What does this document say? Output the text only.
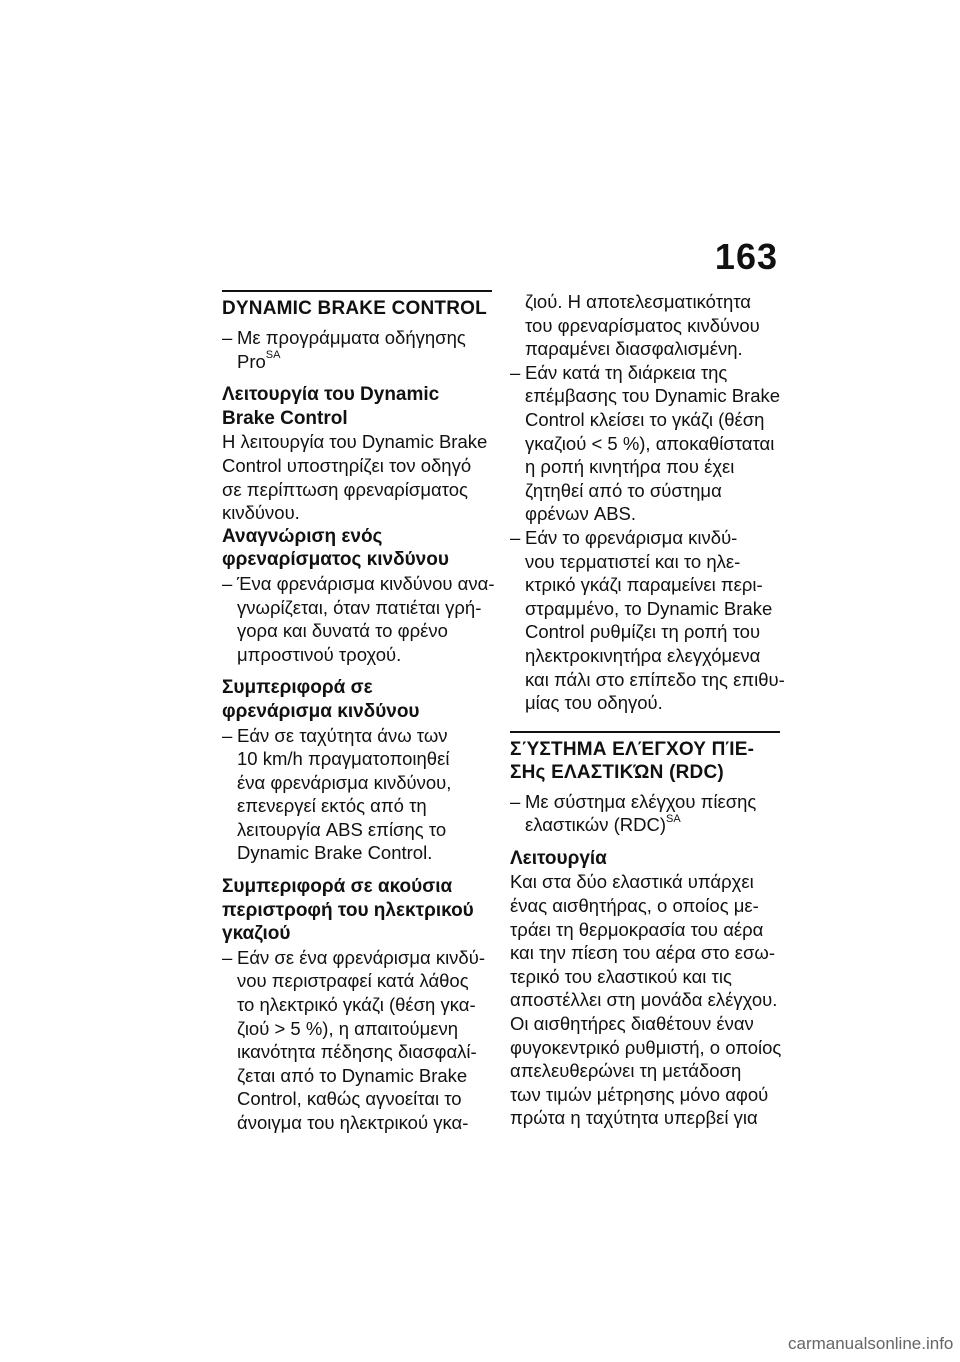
163
DYNAMIC BRAKE CONTROL
– Με προγράμματα οδήγησης
Pro$^{SA}$
Λειτουργία του Dynamic
Brake Control
Η λειτουργία του Dynamic Brake
Control υποστηρίζει τον οδηγό
σε περίπτωση φρεναρίσματος
κινδύνου.
Αναγνώριση ενός
φρεναρίσματος κινδύνου
– Ένα φρενάρισμα κινδύνου ανα-
γνωρίζεται, όταν πατιέται γρή-
γορα και δυνατά το φρένο
μπροστινού τροχού.
Συμπεριφορά σε
φρενάρισμα κινδύνου
– Εάν σε ταχύτητα άνω των
10 km/h πραγματοποιηθεί
ένα φρενάρισμα κινδύνου,
επενεργεί εκτός από τη
λειτουργία ABS επίσης το
Dynamic Brake Control.
Συμπεριφορά σε ακούσια
περιστροφή του ηλεκτρικού
γκαζιού
– Εάν σε ένα φρενάρισμα κινδύ-
νου περιστραφεί κατά λάθος
το ηλεκτρικό γκάζι (θέση γκα-
ζιού > 5 %), η απαιτούμενη
ικανότητα πέδησης διασφαλί-
ζεται από το Dynamic Brake
Control, καθώς αγνοείται το
άνοιγμα του ηλεκτρικού γκα-
ζιού. Η αποτελεσματικότητα
του φρεναρίσματος κινδύνου
παραμένει διασφαλισμένη.
– Εάν κατά τη διάρκεια της
επέμβασης του Dynamic Brake
Control κλείσει το γκάζι (θέση
γκαζιού < 5 %), αποκαθίσταται
η ροπή κινητήρα που έχει
ζητηθεί από το σύστημα
φρένων ABS.
– Εάν το φρενάρισμα κινδύ-
νου τερματιστεί και το ηλε-
κτρικό γκάζι παραμείνει περι-
στραμμένο, το Dynamic Brake
Control ρυθμίζει τη ροπή του
ηλεκτροκινητήρα ελεγχόμενα
και πάλι στο επίπεδο της επιθυ-
μίας του οδηγού.
ΣΎΣΤΗΜΑ ΕΛΈΓΧΟΥ ΠΊΕ-
ΣΗς ΕΛΑΣΤΙΚΏΝ (RDC)
– Με σύστημα ελέγχου πίεσης
ελαστικών (RDC)$^{SA}$
Λειτουργία
Και στα δύο ελαστικά υπάρχει
ένας αισθητήρας, ο οποίος με-
τράει τη θερμοκρασία του αέρα
και την πίεση του αέρα στο εσω-
τερικό του ελαστικού και τις
αποστέλλει στη μονάδα ελέγχου.
Οι αισθητήρες διαθέτουν έναν
φυγοκεντρικό ρυθμιστή, ο οποίος
απελευθερώνει τη μετάδοση
των τιμών μέτρησης μόνο αφού
πρώτα η ταχύτητα υπερβεί για
carmanualsonline.info
